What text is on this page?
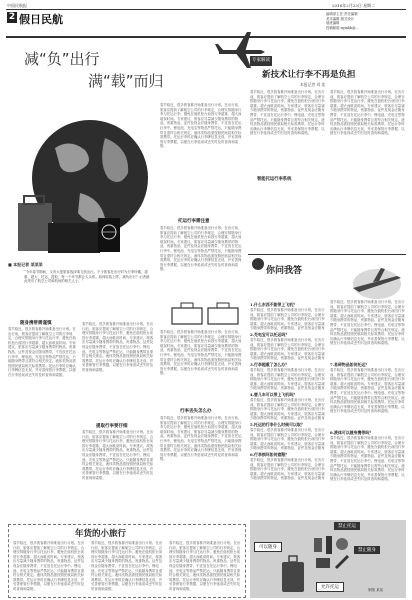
中国民航报	2016年2月23日 星期二
2 假日民航	编辑部主任 责任编辑
美术编辑 版式设计
值班编辑
投稿邮箱 zgmhb@...
减“负”出行
满“载”而归
■ 本报记者 某某某
“今年春节期间，又有大批旅客选择乘飞机出行。不少旅客在出行时为行李所累，超重、超大、托运、提取，每一个环节都让人头疼。如何轻装上阵、减负出行？记者就此采访了航空公司和机场的相关人士。”
随身携带需谨慎
春节临近，很多旅客都开始准备出行计划。在出行前，旅客应提前了解航空公司的行李规定，合理安排随身行李与托运行李，避免在值机柜台前因行李超重、超大而耽误时间。专家建议，旅客应尽量减少随身携带的物品，贵重物品、证件及现金应随身携带，不宜放在托运行李中。锂电池、充电宝等物品严禁托运，只能随身携带且需符合相关规定。液体类物品需按照民航局相关标准携带。托运行李时应确认行李牌信息无误，并妥善保管行李票据，以便在行李延误或丢失时及时查询和索赔。
春节临近，很多旅客都开始准备出行计划。在出行前，旅客应提前了解航空公司的行李规定，合理安排随身行李与托运行李，避免在值机柜台前因行李超重、超大而耽误时间。专家建议，旅客应尽量减少随身携带的物品，贵重物品、证件及现金应随身携带，不宜放在托运行李中。锂电池、充电宝等物品严禁托运，只能随身携带且需符合相关规定。液体类物品需按照民航局相关标准携带。托运行李时应确认行李牌信息无误，并妥善保管行李票据，以便在行李延误或丢失时及时查询和索赔。
提取行李要仔细
春节临近，很多旅客都开始准备出行计划。在出行前，旅客应提前了解航空公司的行李规定，合理安排随身行李与托运行李，避免在值机柜台前因行李超重、超大而耽误时间。专家建议，旅客应尽量减少随身携带的物品，贵重物品、证件及现金应随身携带，不宜放在托运行李中。锂电池、充电宝等物品严禁托运，只能随身携带且需符合相关规定。液体类物品需按照民航局相关标准携带。托运行李时应确认行李牌信息无误，并妥善保管行李票据，以便在行李延误或丢失时及时查询和索赔。
春节临近，很多旅客都开始准备出行计划。在出行前，旅客应提前了解航空公司的行李规定，合理安排随身行李与托运行李，避免在值机柜台前因行李超重、超大而耽误时间。专家建议，旅客应尽量减少随身携带的物品，贵重物品、证件及现金应随身携带，不宜放在托运行李中。锂电池、充电宝等物品严禁托运，只能随身携带且需符合相关规定。液体类物品需按照民航局相关标准携带。托运行李时应确认行李牌信息无误，并妥善保管行李票据，以便在行李延误或丢失时及时查询和索赔。
托运行李需注意
春节临近，很多旅客都开始准备出行计划。在出行前，旅客应提前了解航空公司的行李规定，合理安排随身行李与托运行李，避免在值机柜台前因行李超重、超大而耽误时间。专家建议，旅客应尽量减少随身携带的物品，贵重物品、证件及现金应随身携带，不宜放在托运行李中。锂电池、充电宝等物品严禁托运，只能随身携带且需符合相关规定。液体类物品需按照民航局相关标准携带。托运行李时应确认行李牌信息无误，并妥善保管行李票据，以便在行李延误或丢失时及时查询和索赔。
春节临近，很多旅客都开始准备出行计划。在出行前，旅客应提前了解航空公司的行李规定，合理安排随身行李与托运行李，避免在值机柜台前因行李超重、超大而耽误时间。专家建议，旅客应尽量减少随身携带的物品，贵重物品、证件及现金应随身携带，不宜放在托运行李中。锂电池、充电宝等物品严禁托运，只能随身携带且需符合相关规定。液体类物品需按照民航局相关标准携带。托运行李时应确认行李牌信息无误，并妥善保管行李票据，以便在行李延误或丢失时及时查询和索赔。
行李丢失怎么办
春节临近，很多旅客都开始准备出行计划。在出行前，旅客应提前了解航空公司的行李规定，合理安排随身行李与托运行李，避免在值机柜台前因行李超重、超大而耽误时间。专家建议，旅客应尽量减少随身携带的物品，贵重物品、证件及现金应随身携带，不宜放在托运行李中。锂电池、充电宝等物品严禁托运，只能随身携带且需符合相关规定。液体类物品需按照民航局相关标准携带。托运行李时应确认行李牌信息无误，并妥善保管行李票据，以便在行李延误或丢失时及时查询和索赔。
专家解读
新技术让行李不再是负担
本报记者 刘 某
春节临近，很多旅客都开始准备出行计划。在出行前，旅客应提前了解航空公司的行李规定，合理安排随身行李与托运行李，避免在值机柜台前因行李超重、超大而耽误时间。专家建议，旅客应尽量减少随身携带的物品，贵重物品、证件及现金应随身携带，不宜放在托运行李中。锂电池、充电宝等物品严禁托运，只能随身携带且需符合相关规定。液体类物品需按照民航局相关标准携带。托运行李时应确认行李牌信息无误，并妥善保管行李票据，以便在行李延误或丢失时及时查询和索赔。
春节临近，很多旅客都开始准备出行计划。在出行前，旅客应提前了解航空公司的行李规定，合理安排随身行李与托运行李，避免在值机柜台前因行李超重、超大而耽误时间。专家建议，旅客应尽量减少随身携带的物品，贵重物品、证件及现金应随身携带，不宜放在托运行李中。锂电池、充电宝等物品严禁托运，只能随身携带且需符合相关规定。液体类物品需按照民航局相关标准携带。托运行李时应确认行李牌信息无误，并妥善保管行李票据，以便在行李延误或丢失时及时查询和索赔。
智能托运行李系统
你问我答
1.什么东西不能带上飞机？
春节临近，很多旅客都开始准备出行计划。在出行前，旅客应提前了解航空公司的行李规定，合理安排随身行李与托运行李，避免在值机柜台前因行李超重、超大而耽误时间。专家建议，旅客应尽量减少随身携带的物品，贵重物品、证件及现金应随身
2.充电宝可以托运吗？
春节临近，很多旅客都开始准备出行计划。在出行前，旅客应提前了解航空公司的行李规定，合理安排随身行李与托运行李，避免在值机柜台前因行李超重、超大而耽误时间。专家建议，旅客应尽量减少随身携带的物品，贵重物品、证件及现金应随身
3.行李超重了怎么办？
春节临近，很多旅客都开始准备出行计划。在出行前，旅客应提前了解航空公司的行李规定，合理安排随身行李与托运行李，避免在值机柜台前因行李超重、超大而耽误时间。专家建议，旅客应尽量减少随身携带的物品，贵重物品、证件及现金应随身
4.婴儿车可以带上飞机吗？
春节临近，很多旅客都开始准备出行计划。在出行前，旅客应提前了解航空公司的行李规定，合理安排随身行李与托运行李，避免在值机柜台前因行李超重、超大而耽误时间。专家建议，旅客应尽量减少随身携带的物品，贵重物品、证件及现金应随身
5.托运的行李什么时候可以取？
春节临近，很多旅客都开始准备出行计划。在出行前，旅客应提前了解航空公司的行李规定，合理安排随身行李与托运行李，避免在值机柜台前因行李超重、超大而耽误时间。专家建议，旅客应尽量减少随身携带的物品，贵重物品、证件及现金应随身
6.行李损坏如何索赔？
春节临近，很多旅客都开始准备出行计划。在出行前，旅客应提前了解航空公司的行李规定，合理安排随身行李与托运行李，避免在值机柜台前因行李超重、超大而耽误时间。专家建议，旅客应尽量减少随身携带的物品，贵重物品、证件及现金应随身
春节临近，很多旅客都开始准备出行计划。在出行前，旅客应提前了解航空公司的行李规定，合理安排随身行李与托运行李，避免在值机柜台前因行李超重、超大而耽误时间。专家建议，旅客应尽量减少随身携带的物品，贵重物品、证件及现金应随身携带，不宜放在托运行李中。锂电池、充电宝等物品严禁托运，只能随身携带且需符合相关规定。液体类物品需按照民航局相关标准携带。托运行李时应确认行李牌信息无误，并妥善保管行李票据，以便在行李延误或丢失时及时查询和索赔。
7.易碎物品如何托运？
春节临近，很多旅客都开始准备出行计划。在出行前，旅客应提前了解航空公司的行李规定，合理安排随身行李与托运行李，避免在值机柜台前因行李超重、超大而耽误时间。专家建议，旅客应尽量减少随身携带的物品，贵重物品、证件及现金应随身携带，不宜放在托运行李中。锂电池、充电宝等物品严禁托运，只能随身携带且需符合相关规定。液体类物品需按照民航局相关标准携带。托运行李时应确认行李牌信息无误，并妥善保管行李票据，以便在行李延误或丢失时及时查询和索赔。
8.液体可以随身携带吗？
春节临近，很多旅客都开始准备出行计划。在出行前，旅客应提前了解航空公司的行李规定，合理安排随身行李与托运行李，避免在值机柜台前因行李超重、超大而耽误时间。专家建议，旅客应尽量减少随身携带的物品，贵重物品、证件及现金应随身携带，不宜放在托运行李中。锂电池、充电宝等物品严禁托运，只能随身携带且需符合相关规定。液体类物品需按照民航局相关标准携带。托运行李时应确认行李牌信息无误，并妥善保管行李票据，以便在行李延误或丢失时及时查询和索赔。
禁止托运
可以随身
禁止随身
允许托运	制图 某某
年货的小旅行
春节临近，很多旅客都开始准备出行计划。在出行前，旅客应提前了解航空公司的行李规定，合理安排随身行李与托运行李，避免在值机柜台前因行李超重、超大而耽误时间。专家建议，旅客应尽量减少随身携带的物品，贵重物品、证件及现金应随身携带，不宜放在托运行李中。锂电池、充电宝等物品严禁托运，只能随身携带且需符合相关规定。液体类物品需按照民航局相关标准携带。托运行李时应确认行李牌信息无误，并妥善保管行李票据，以便在行李延误或丢失时及时查询和索赔。
春节临近，很多旅客都开始准备出行计划。在出行前，旅客应提前了解航空公司的行李规定，合理安排随身行李与托运行李，避免在值机柜台前因行李超重、超大而耽误时间。专家建议，旅客应尽量减少随身携带的物品，贵重物品、证件及现金应随身携带，不宜放在托运行李中。锂电池、充电宝等物品严禁托运，只能随身携带且需符合相关规定。液体类物品需按照民航局相关标准携带。托运行李时应确认行李牌信息无误，并妥善保管行李票据，以便在行李延误或丢失时及时查询和索赔。
春节临近，很多旅客都开始准备出行计划。在出行前，旅客应提前了解航空公司的行李规定，合理安排随身行李与托运行李，避免在值机柜台前因行李超重、超大而耽误时间。专家建议，旅客应尽量减少随身携带的物品，贵重物品、证件及现金应随身携带，不宜放在托运行李中。锂电池、充电宝等物品严禁托运，只能随身携带且需符合相关规定。液体类物品需按照民航局相关标准携带。托运行李时应确认行李牌信息无误，并妥善保管行李票据，以便在行李延误或丢失时及时查询和索赔。
